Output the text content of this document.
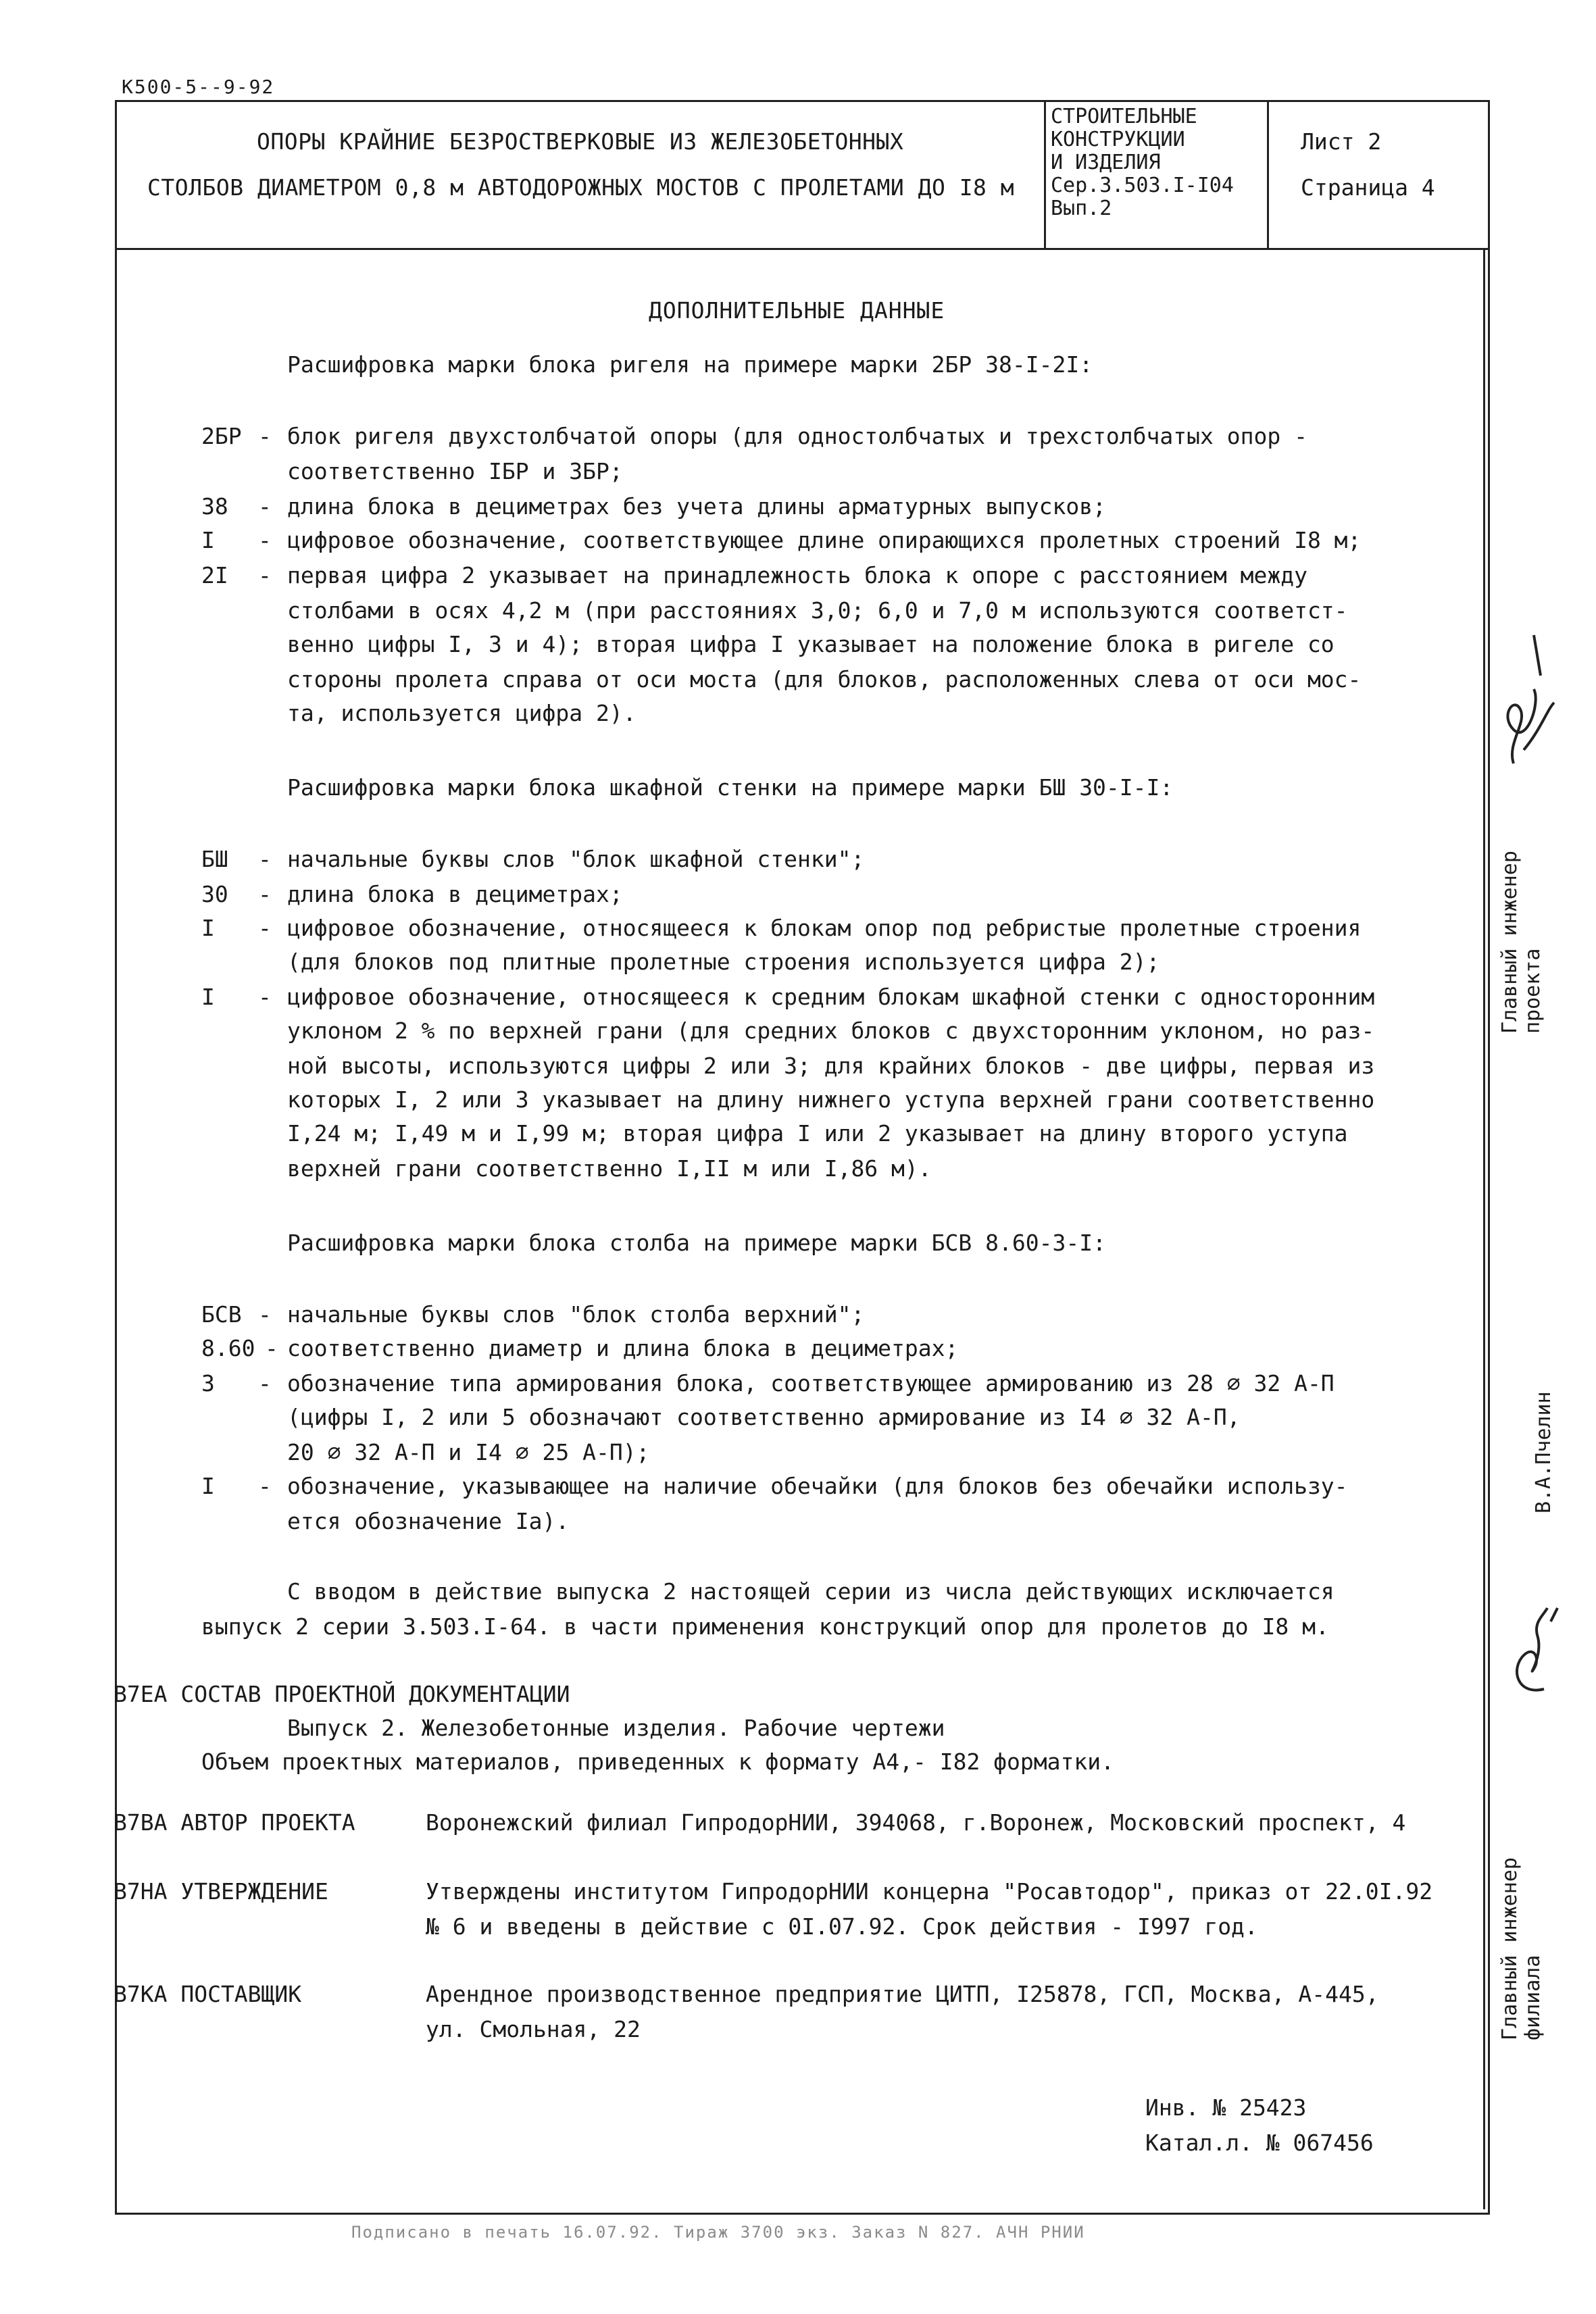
К500-5--9-92
ОПОРЫ КРАЙНИЕ БЕЗРОСТВЕРКОВЫЕ ИЗ ЖЕЛЕЗОБЕТОННЫХ
СТОЛБОВ ДИАМЕТРОМ 0,8 м АВТОДОРОЖНЫХ МОСТОВ С ПРОЛЕТАМИ ДО I8 м
СТРОИТЕЛЬНЫЕ
КОНСТРУКЦИИ
И ИЗДЕЛИЯ
Сер.3.503.I-I04
Вып.2
Лист 2
Страница 4
ДОПОЛНИТЕЛЬНЫЕ ДАННЫЕ
Расшифровка марки блока ригеля на примере марки 2БР 38-I-2I:
2БР - блок ригеля двухстолбчатой опоры (для одностолбчатых и трехстолбчатых опор -
соответственно IБР и 3БР;
38 - длина блока в дециметрах без учета длины арматурных выпусков;
I - цифровое обозначение, соответствующее длине опирающихся пролетных строений I8 м;
2I - первая цифра 2 указывает на принадлежность блока к опоре с расстоянием между
столбами в осях 4,2 м (при расстояниях 3,0; 6,0 и 7,0 м используются соответст-
венно цифры I, 3 и 4); вторая цифра I указывает на положение блока в ригеле со
стороны пролета справа от оси моста (для блоков, расположенных слева от оси мос-
та, используется цифра 2).
Расшифровка марки блока шкафной стенки на примере марки БШ 30-I-I:
БШ - начальные буквы слов "блок шкафной стенки";
30 - длина блока в дециметрах;
I - цифровое обозначение, относящееся к блокам опор под ребристые пролетные строения
(для блоков под плитные пролетные строения используется цифра 2);
I - цифровое обозначение, относящееся к средним блокам шкафной стенки с односторонним
уклоном 2 % по верхней грани (для средних блоков с двухсторонним уклоном, но раз-
ной высоты, используются цифры 2 или 3; для крайних блоков - две цифры, первая из
которых I, 2 или 3 указывает на длину нижнего уступа верхней грани соответственно
I,24 м; I,49 м и I,99 м; вторая цифра I или 2 указывает на длину второго уступа
верхней грани соответственно I,II м или I,86 м).
Расшифровка марки блока столба на примере марки БСВ 8.60-3-I:
БСВ - начальные буквы слов "блок столба верхний";
8.60 - соответственно диаметр и длина блока в дециметрах;
3 - обозначение типа армирования блока, соответствующее армированию из 28 ∅ 32 А-П
(цифры I, 2 или 5 обозначают соответственно армирование из I4 ∅ 32 А-П,
20 ∅ 32 А-П и I4 ∅ 25 А-П);
I - обозначение, указывающее на наличие обечайки (для блоков без обечайки использу-
ется обозначение Iа).
С вводом в действие выпуска 2 настоящей серии из числа действующих исключается
выпуск 2 серии 3.503.I-64. в части применения конструкций опор для пролетов до I8 м.
В7ЕА СОСТАВ ПРОЕКТНОЙ ДОКУМЕНТАЦИИ
Выпуск 2. Железобетонные изделия. Рабочие чертежи
Объем проектных материалов, приведенных к формату А4,- I82 форматки.
В7ВА АВТОР ПРОЕКТА	Воронежский филиал ГипродорНИИ, 394068, г.Воронеж, Московский проспект, 4
В7НА УТВЕРЖДЕНИЕ	Утверждены институтом ГипродорНИИ концерна "Росавтодор", приказ от 22.0I.92
№ 6 и введены в действие с 0I.07.92. Срок действия - I997 год.
В7КА ПОСТАВЩИК	Арендное производственное предприятие ЦИТП, I25878, ГСП, Москва, А-445,
ул. Смольная, 22
Инв. № 25423
Катал.л. № 067456
Главный инженер
проекта
В.А.Пчелин
Главный инженер
филиала
Подписано в печать 16.07.92. Тираж 3700 экз. Заказ N 827. АЧН РНИИ
